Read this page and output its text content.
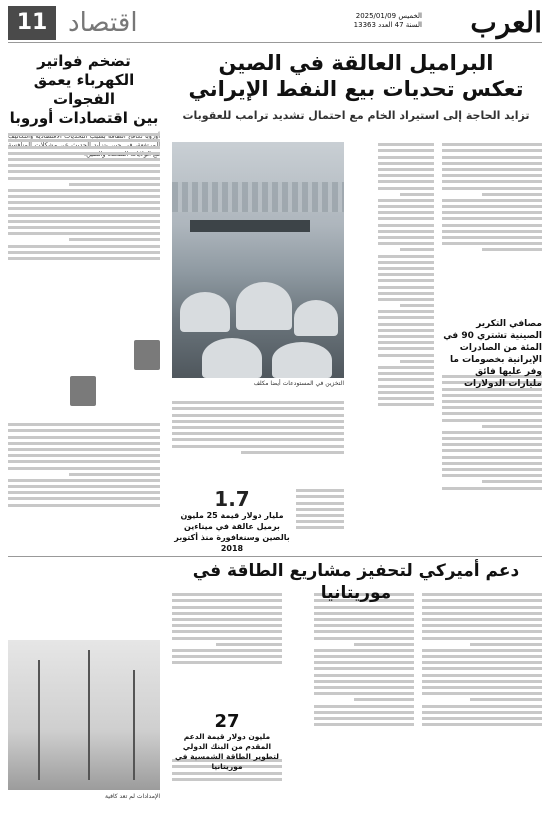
العرب
الخميس 2025/01/09
السنة 47 العدد 13363
اقتصاد
11
البراميل العالقة في الصين
تعكس تحديات بيع النفط الإيراني
تزايد الحاجة إلى استيراد الخام مع احتمال تشديد ترامب للعقوبات
تضخم فواتير
الكهرباء يعمق الفجوات
بين اقتصادات أوروبا
التخزين في المستودعات أيضا مكلف
مصافي التكرير الصينية تشتري 90 في المئة من الصادرات الإيرانية بخصومات ما وفر عليها فائق مليارات الدولارات
1.7
مليار دولار قيمة 25 مليون برميل عالقة في ميناءين بالصين وسنغافورة منذ أكتوبر 2018
دعم أميركي لتحفيز مشاريع الطاقة في موريتانيا
27
مليون دولار قيمة الدعم المقدم من البنك الدولي لتطوير الطاقة الشمسية في موريتانيا
الإمدادات لم تعد كافية
